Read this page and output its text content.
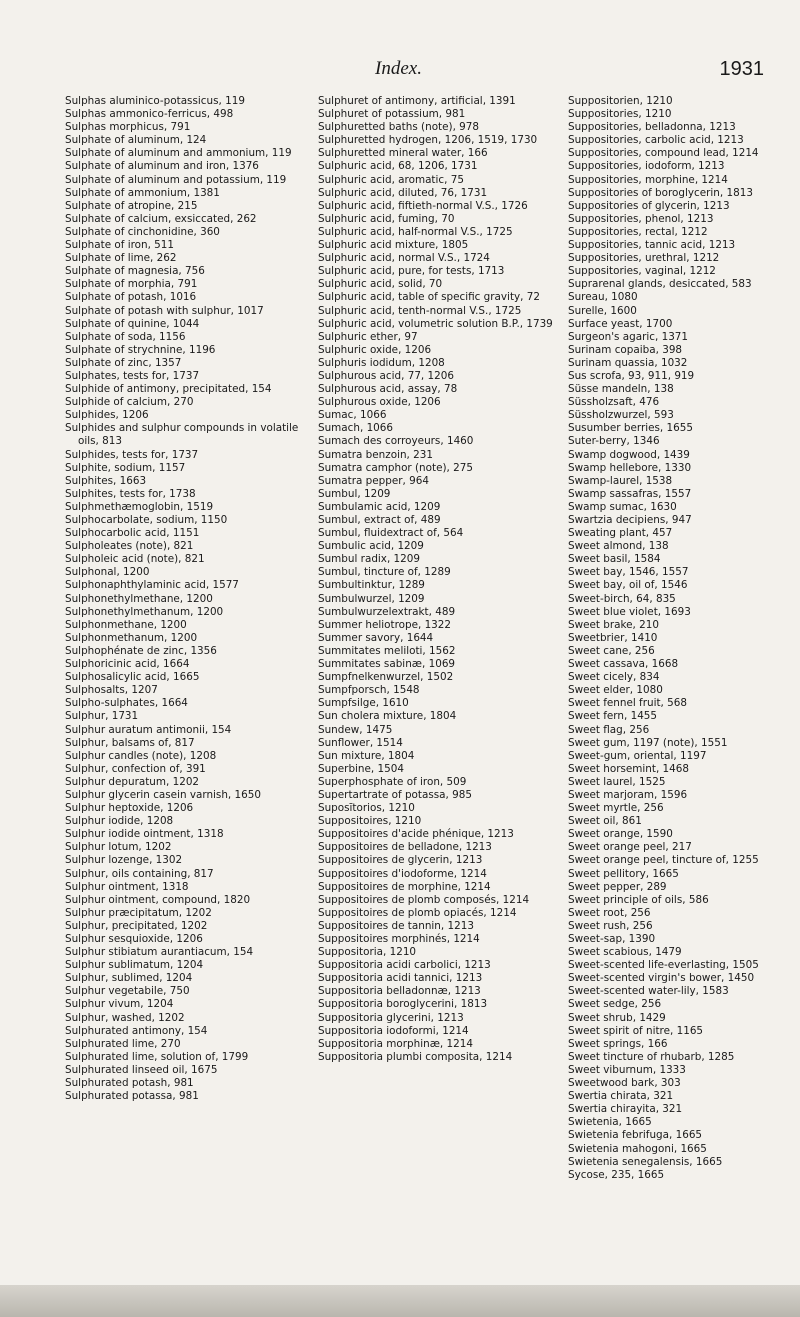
Index.	1931

Sulphas aluminico-potassicus, 119

Sulphas ammonico-ferricus, 498

Sulphas morphicus, 791

Sulphate of aluminum, 124

Sulphate of aluminum and ammonium, 119

Sulphate of aluminum and iron, 1376

Sulphate of aluminum and potassium, 119

Sulphate of ammonium, 1381

Sulphate of atropine, 215

Sulphate of calcium, exsiccated, 262

Sulphate of cinchonidine, 360

Sulphate of iron, 511

Sulphate of lime, 262

Sulphate of magnesia, 756

Sulphate of morphia, 791

Sulphate of potash, 1016

Sulphate of potash with sulphur, 1017

Sulphate of quinine, 1044

Sulphate of soda, 1156

Sulphate of strychnine, 1196

Sulphate of zinc, 1357

Sulphates, tests for, 1737

Sulphide of antimony, precipitated, 154

Sulphide of calcium, 270

Sulphides, 1206

Sulphides and sulphur compounds in volatile oils, 813

Sulphides, tests for, 1737

Sulphite, sodium, 1157

Sulphites, 1663

Sulphites, tests for, 1738

Sulphmethæmoglobin, 1519

Sulphocarbolate, sodium, 1150

Sulphocarbolic acid, 1151

Sulpholeates (note), 821

Sulpholeic acid (note), 821

Sulphonal, 1200

Sulphonaphthylaminic acid, 1577

Sulphonethylmethane, 1200

Sulphonethylmethanum, 1200

Sulphonmethane, 1200

Sulphonmethanum, 1200

Sulphophénate de zinc, 1356

Sulphoricinic acid, 1664

Sulphosalicylic acid, 1665

Sulphosalts, 1207

Sulpho-sulphates, 1664

Sulphur, 1731

Sulphur auratum antimonii, 154

Sulphur, balsams of, 817

Sulphur candles (note), 1208

Sulphur, confection of, 391

Sulphur depuratum, 1202

Sulphur glycerin casein varnish, 1650

Sulphur heptoxide, 1206

Sulphur iodide, 1208

Sulphur iodide ointment, 1318

Sulphur lotum, 1202

Sulphur lozenge, 1302

Sulphur, oils containing, 817

Sulphur ointment, 1318

Sulphur ointment, compound, 1820

Sulphur præcipitatum, 1202

Sulphur, precipitated, 1202

Sulphur sesquioxide, 1206

Sulphur stibiatum aurantiacum, 154

Sulphur sublimatum, 1204

Sulphur, sublimed, 1204

Sulphur vegetabile, 750

Sulphur vivum, 1204

Sulphur, washed, 1202

Sulphurated antimony, 154

Sulphurated lime, 270

Sulphurated lime, solution of, 1799

Sulphurated linseed oil, 1675

Sulphurated potash, 981

Sulphurated potassa, 981

Sulphuret of antimony, artificial, 1391

Sulphuret of potassium, 981

Sulphuretted baths (note), 978

Sulphuretted hydrogen, 1206, 1519, 1730

Sulphuretted mineral water, 166

Sulphuric acid, 68, 1206, 1731

Sulphuric acid, aromatic, 75

Sulphuric acid, diluted, 76, 1731

Sulphuric acid, fiftieth-normal V.S., 1726

Sulphuric acid, fuming, 70

Sulphuric acid, half-normal V.S., 1725

Sulphuric acid mixture, 1805

Sulphuric acid, normal V.S., 1724

Sulphuric acid, pure, for tests, 1713

Sulphuric acid, solid, 70

Sulphuric acid, table of specific gravity, 72

Sulphuric acid, tenth-normal V.S., 1725

Sulphuric acid, volumetric solution B.P., 1739

Sulphuric ether, 97

Sulphuric oxide, 1206

Sulphuris iodidum, 1208

Sulphurous acid, 77, 1206

Sulphurous acid, assay, 78

Sulphurous oxide, 1206

Sumac, 1066

Sumach, 1066

Sumach des corroyeurs, 1460

Sumatra benzoin, 231

Sumatra camphor (note), 275

Sumatra pepper, 964

Sumbul, 1209

Sumbulamic acid, 1209

Sumbul, extract of, 489

Sumbul, fluidextract of, 564

Sumbulic acid, 1209

Sumbul radix, 1209

Sumbul, tincture of, 1289

Sumbultinktur, 1289

Sumbulwurzel, 1209

Sumbulwurzelextrakt, 489

Summer heliotrope, 1322

Summer savory, 1644

Summitates meliloti, 1562

Summitates sabinæ, 1069

Sumpfnelkenwurzel, 1502

Sumpfporsch, 1548

Sumpfsilge, 1610

Sun cholera mixture, 1804

Sundew, 1475

Sunflower, 1514

Sun mixture, 1804

Superbine, 1504

Superphosphate of iron, 509

Supertartrate of potassa, 985

Suposītorios, 1210

Suppositoires, 1210

Suppositoires d'acide phénique, 1213

Suppositoires de belladone, 1213

Suppositoires de glycerin, 1213

Suppositoires d'iodoforme, 1214

Suppositoires de morphine, 1214

Suppositoires de plomb composés, 1214

Suppositoires de plomb opiacés, 1214

Suppositoires de tannin, 1213

Suppositoires morphinés, 1214

Suppositoria, 1210

Suppositoria acidi carbolici, 1213

Suppositoria acidi tannici, 1213

Suppositoria belladonnæ, 1213

Suppositoria boroglycerini, 1813

Suppositoria glycerini, 1213

Suppositoria iodoformi, 1214

Suppositoria morphinæ, 1214

Suppositoria plumbi composita, 1214

Suppositorien, 1210

Suppositories, 1210

Suppositories, belladonna, 1213

Suppositories, carbolic acid, 1213

Suppositories, compound lead, 1214

Suppositories, iodoform, 1213

Suppositories, morphine, 1214

Suppositories of boroglycerin, 1813

Suppositories of glycerin, 1213

Suppositories, phenol, 1213

Suppositories, rectal, 1212

Suppositories, tannic acid, 1213

Suppositories, urethral, 1212

Suppositories, vaginal, 1212

Suprarenal glands, desiccated, 583

Sureau, 1080

Surelle, 1600

Surface yeast, 1700

Surgeon's agaric, 1371

Surinam copaiba, 398

Surinam quassia, 1032

Sus scrofa, 93, 911, 919

Süsse mandeln, 138

Süssholzsaft, 476

Süssholzwurzel, 593

Susumber berries, 1655

Suter-berry, 1346

Swamp dogwood, 1439

Swamp hellebore, 1330

Swamp-laurel, 1538

Swamp sassafras, 1557

Swamp sumac, 1630

Swartzia decipiens, 947

Sweating plant, 457

Sweet almond, 138

Sweet basil, 1584

Sweet bay, 1546, 1557

Sweet bay, oil of, 1546

Sweet-birch, 64, 835

Sweet blue violet, 1693

Sweet brake, 210

Sweetbrier, 1410

Sweet cane, 256

Sweet cassava, 1668

Sweet cicely, 834

Sweet elder, 1080

Sweet fennel fruit, 568

Sweet fern, 1455

Sweet flag, 256

Sweet gum, 1197 (note), 1551

Sweet-gum, oriental, 1197

Sweet horsemint, 1468

Sweet laurel, 1525

Sweet marjoram, 1596

Sweet myrtle, 256

Sweet oil, 861

Sweet orange, 1590

Sweet orange peel, 217

Sweet orange peel, tincture of, 1255

Sweet pellitory, 1665

Sweet pepper, 289

Sweet principle of oils, 586

Sweet root, 256

Sweet rush, 256

Sweet-sap, 1390

Sweet scabious, 1479

Sweet-scented life-everlasting, 1505

Sweet-scented virgin's bower, 1450

Sweet-scented water-lily, 1583

Sweet sedge, 256

Sweet shrub, 1429

Sweet spirit of nitre, 1165

Sweet springs, 166

Sweet tincture of rhubarb, 1285

Sweet viburnum, 1333

Sweetwood bark, 303

Swertia chirata, 321

Swertia chirayita, 321

Swietenia, 1665

Swietenia febrifuga, 1665

Swietenia mahogoni, 1665

Swietenia senegalensis, 1665

Sycose, 235, 1665
